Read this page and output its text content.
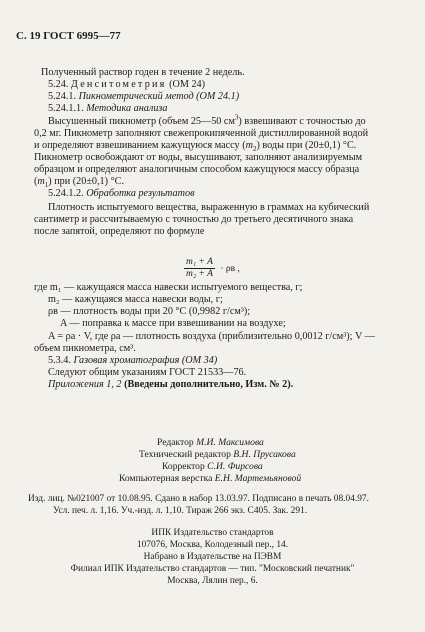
С. 19 ГОСТ 6995—77
Полученный раствор годен в течение 2 недель.
5.24. Денситометрия (ОМ 24)
5.24.1. Пикнометрический метод (ОМ 24.1)
5.24.1.1. Методика анализа
Высушенный пикнометр (объем 25—50 $см^3$) взвешивают с точностью до
0,2 мг. Пикнометр заполняют свежепрокипяченной дистиллированной водой
и определяют взвешиванием кажущуюся массу $(m_2)$ воды при (20±0,1) °С.
Пикнометр освобождают от воды, высушивают, заполняют анализируемым
образцом и определяют аналогичным способом кажущуюся массу образца
$(m_1)$ при (20±0,1) °С.
5.24.1.2. Обработка результатов
Плотность испытуемого вещества, выраженную в граммах на кубический
сантиметр и рассчитываемую с точностью до третьего десятичного знака
после запятой, определяют по формуле
$\frac{\text{m₁ + A}}{\text{m₂ + A}} \cdot \rho в$ ,
где m₁ — кажущаяся масса навески испытуемого вещества, г;
m₂ — кажущаяся масса навески воды, г;
ρв — плотность воды при 20 °С (0,9982 г/см³);
A — поправка к массе при взвешивании на воздухе;
A = ρа · V, где ρа — плотность воздуха (приблизительно 0,0012 г/см³); V —
объем пикнометра, см³.
5.3.4. Газовая хроматография (ОМ 34)
Следуют общим указаниям ГОСТ 21533—76.
Приложения 1, 2 (Введены дополнительно, Изм. № 2).
Редактор М.И. Максимова
Технический редактор В.Н. Прусакова
Корректор С.И. Фирсова
Компьютерная верстка Е.Н. Мартемьяновой
Изд. лиц. №021007 от 10.08.95. Сдано в набор 13.03.97. Подписано в печать 08.04.97.
Усл. печ. л. 1,16. Уч.-изд. л. 1,10. Тираж 266 экз. С405. Зак. 291.
ИПК Издательство стандартов
107076, Москва, Колодезный пер., 14.
Набрано в Издательстве на ПЭВМ
Филиал ИПК Издательство стандартов — тип. "Московский печатник"
Москва, Лялин пер., 6.
